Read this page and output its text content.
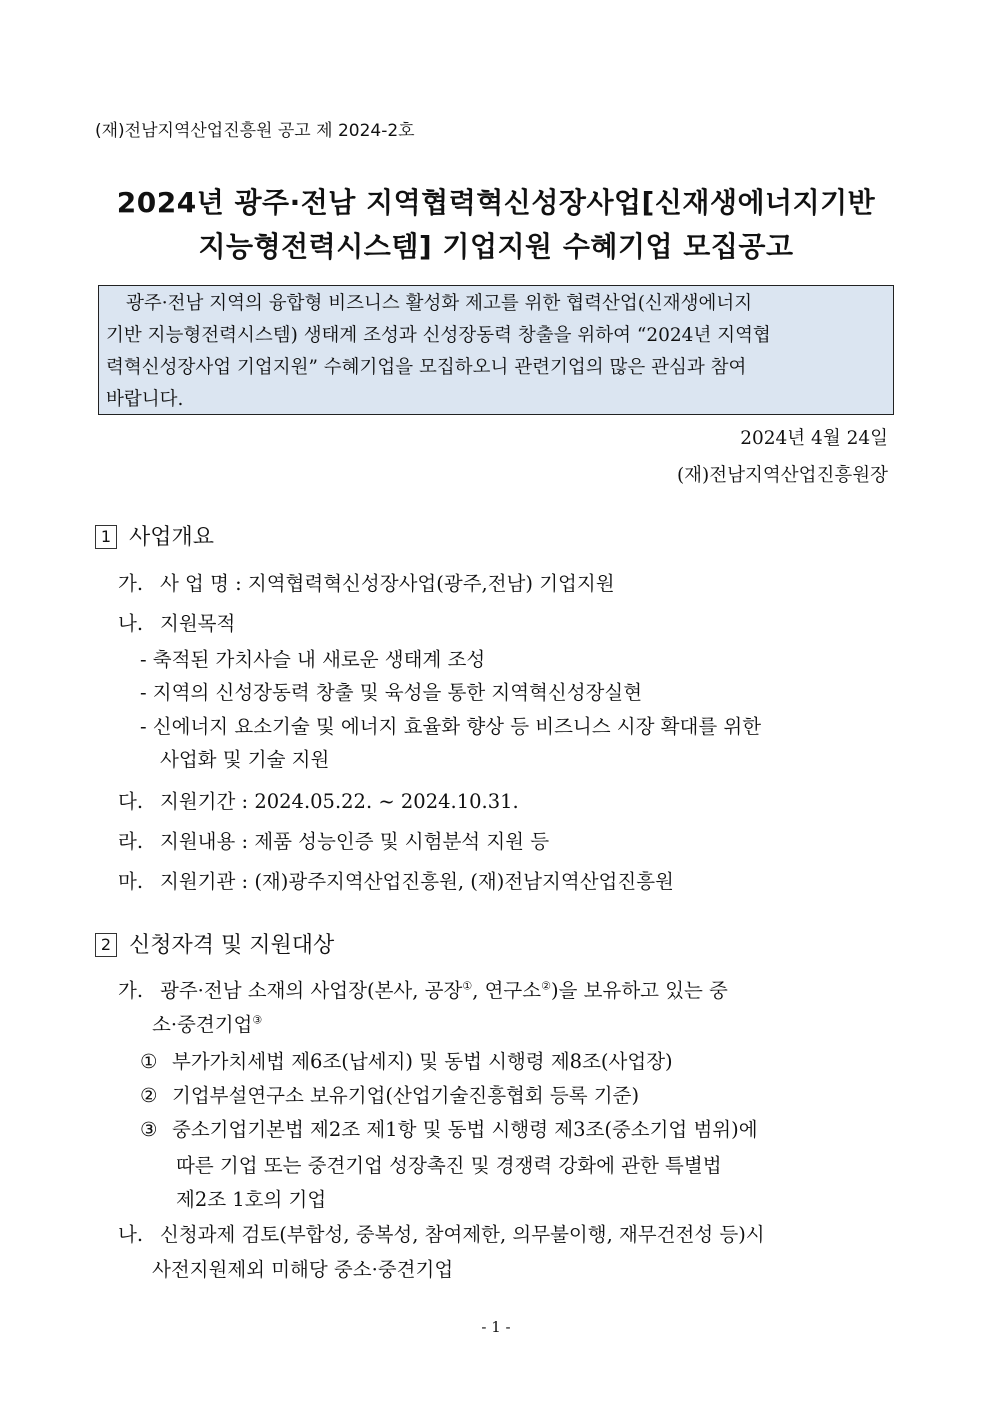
(재)전남지역산업진흥원 공고 제 2024-2호
2024년 광주·전남 지역협력혁신성장사업[신재생에너지기반
지능형전력시스템] 기업지원 수혜기업 모집공고
광주·전남 지역의 융합형 비즈니스 활성화 제고를 위한 협력산업(신재생에너지
기반 지능형전력시스템) 생태계 조성과 신성장동력 창출을 위하여 “2024년 지역협
력혁신성장사업 기업지원” 수혜기업을 모집하오니 관련기업의 많은 관심과 참여
바랍니다.
2024년 4월 24일
(재)전남지역산업진흥원장
1 사업개요
가. 사 업 명 : 지역협력혁신성장사업(광주,전남) 기업지원
나. 지원목적
- 축적된 가치사슬 내 새로운 생태계 조성
- 지역의 신성장동력 창출 및 육성을 통한 지역혁신성장실현
- 신에너지 요소기술 및 에너지 효율화 향상 등 비즈니스 시장 확대를 위한
사업화 및 기술 지원
다. 지원기간 : 2024.05.22. ~ 2024.10.31.
라. 지원내용 : 제품 성능인증 및 시험분석 지원 등
마. 지원기관 : (재)광주지역산업진흥원, (재)전남지역산업진흥원
2 신청자격 및 지원대상
가. 광주·전남 소재의 사업장(본사, 공장①, 연구소②)을 보유하고 있는 중
소·중견기업③
① 부가가치세법 제6조(납세지) 및 동법 시행령 제8조(사업장)
② 기업부설연구소 보유기업(산업기술진흥협회 등록 기준)
③ 중소기업기본법 제2조 제1항 및 동법 시행령 제3조(중소기업 범위)에
따른 기업 또는 중견기업 성장촉진 및 경쟁력 강화에 관한 특별법
제2조 1호의 기업
나. 신청과제 검토(부합성, 중복성, 참여제한, 의무불이행, 재무건전성 등)시
사전지원제외 미해당 중소·중견기업
- 1 -
